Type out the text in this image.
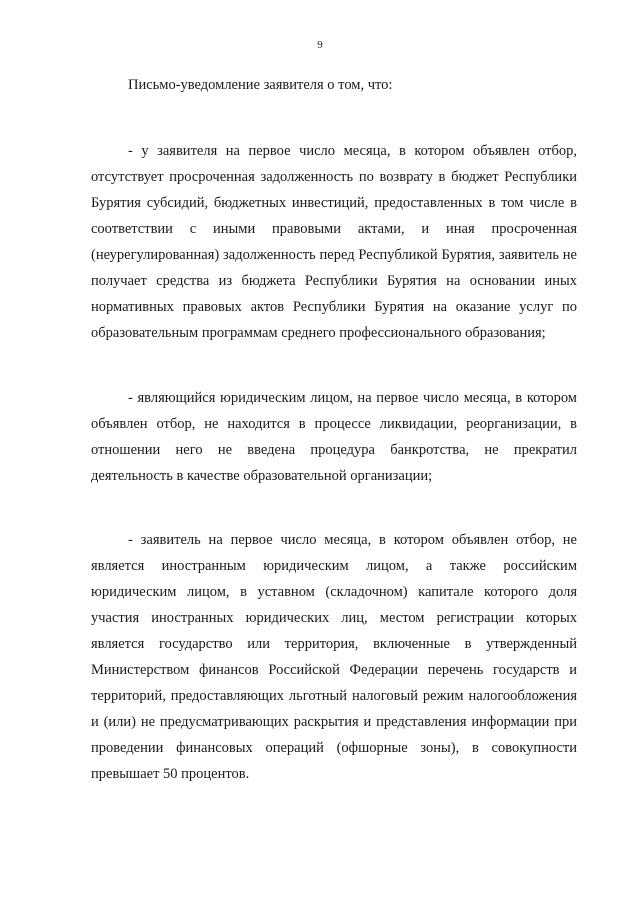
9
Письмо-уведомление заявителя о том, что:

- у заявителя на первое число месяца, в котором объявлен отбор, отсутствует просроченная задолженность по возврату в бюджет Республики Бурятия субсидий, бюджетных инвестиций, предоставленных в том числе в соответствии с иными правовыми актами, и иная просроченная (неурегулированная) задолженность перед Республикой Бурятия, заявитель не получает средства из бюджета Республики Бурятия на основании иных нормативных правовых актов Республики Бурятия на оказание услуг по образовательным программам среднего профессионального образования;

- являющийся юридическим лицом, на первое число месяца, в котором объявлен отбор, не находится в процессе ликвидации, реорганизации, в отношении него не введена процедура банкротства, не прекратил деятельность в качестве образовательной организации;

- заявитель на первое число месяца, в котором объявлен отбор, не является иностранным юридическим лицом, а также российским юридическим лицом, в уставном (складочном) капитале которого доля участия иностранных юридических лиц, местом регистрации которых является государство или территория, включенные в утвержденный Министерством финансов Российской Федерации перечень государств и территорий, предоставляющих льготный налоговый режим налогообложения и (или) не предусматривающих раскрытия и представления информации при проведении финансовых операций (офшорные зоны), в совокупности превышает 50 процентов.
